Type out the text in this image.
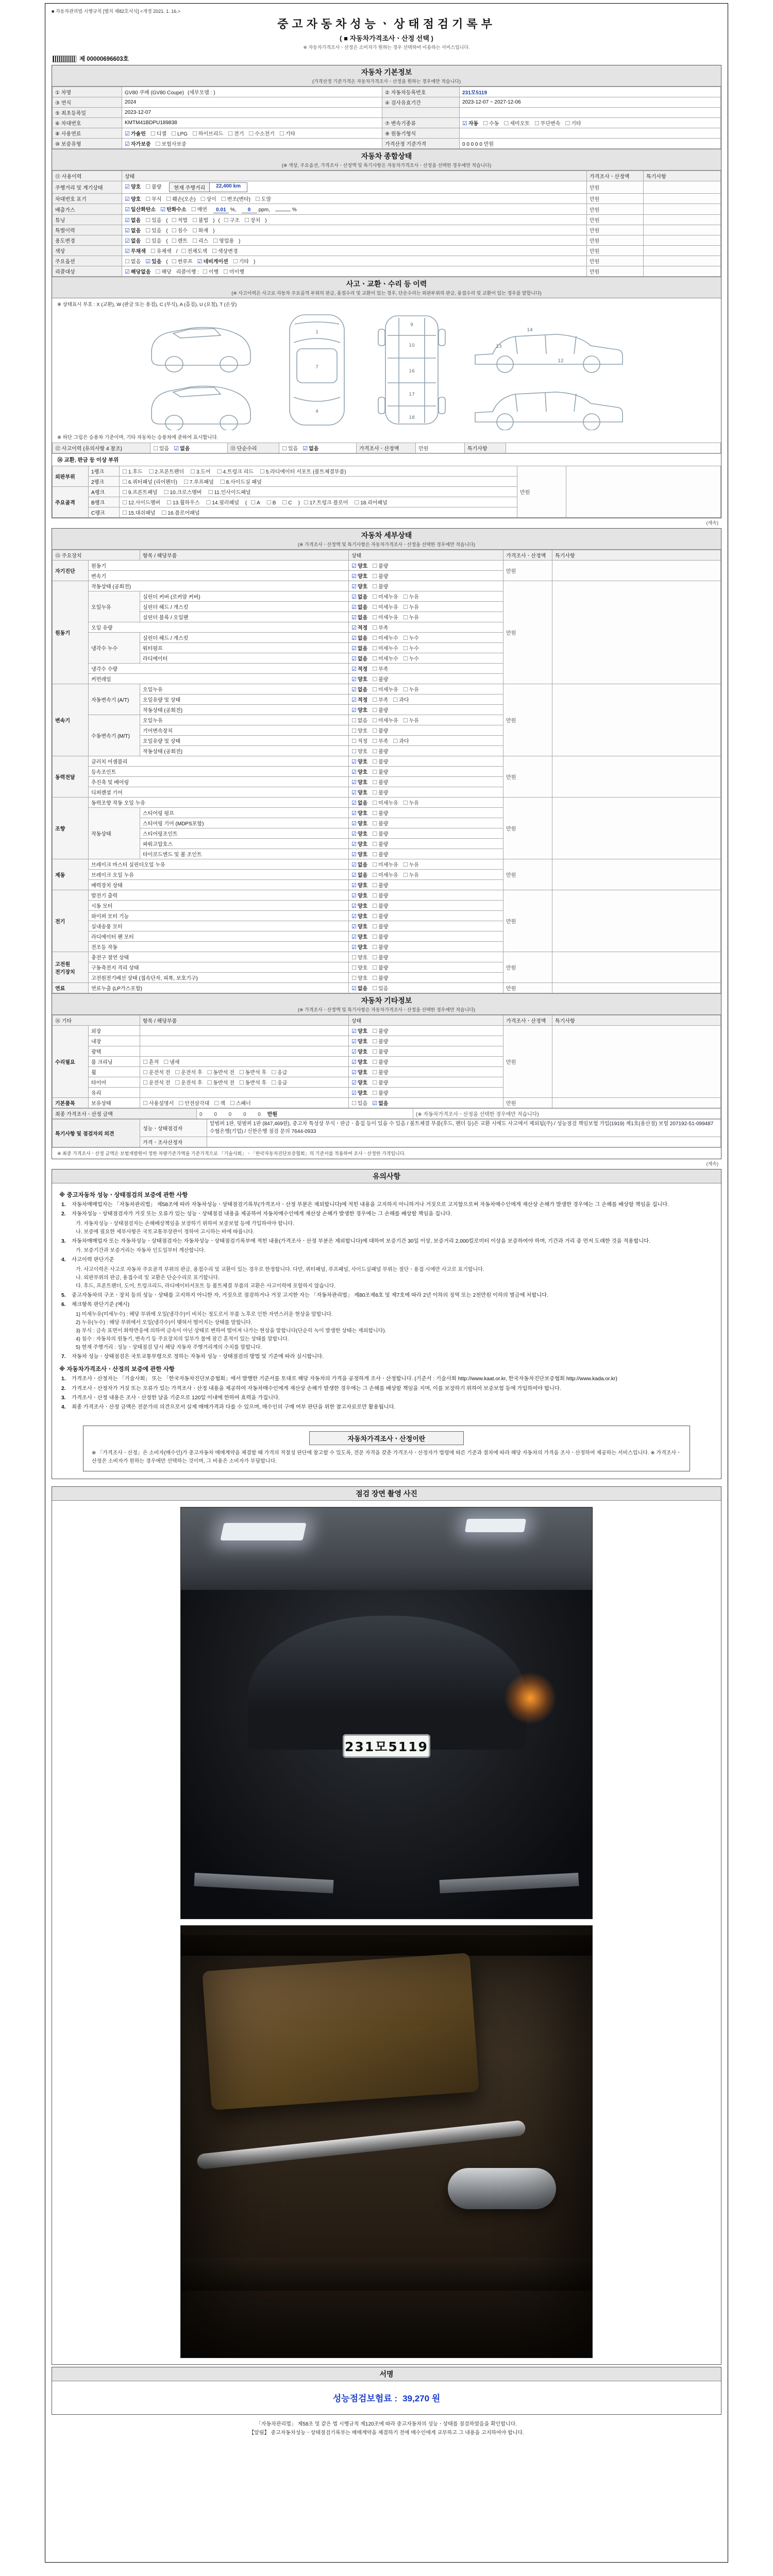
■ 자동차관리법 시행규칙 [별지 제82호서식] <개정 2021. 1. 16.>
중고자동차성능ㆍ상태점검기록부
( ■ 자동차가격조사ㆍ산정 선택 )
※ 자동차가격조사ㆍ산정은 소비자가 원하는 경우 선택하여 이용하는 서비스입니다.
제 00000696603호
자동차 기본정보
(가격산정 기준가격은 자동차가격조사ㆍ산정을 원하는 경우에만 적습니다)
① 차명	GV80 쿠페 (GV80 Coupe) (세부모델 : )	② 자동차등록번호	231모5119
③ 연식	2024	④ 검사유효기간	2023-12-07 ~ 2027-12-06
⑤ 최초등록일	2023-12-07		
⑥ 차대번호	KMTM41BDPU189838	⑦ 변속기종류	☑ 자동 ☐ 수동 ☐ 세미오토 ☐ 무단변속 ☐ 기타
⑧ 사용연료	☑ 가솔린 ☐ 디젤 ☐ LPG ☐ 하이브리드 ☐ 전기 ☐ 수소전기 ☐ 기타	⑨ 원동기형식	
⑩ 보증유형	☑ 자가보증 ☐ 보험사보증	가격산정 기준가격	0 0 0 0 0 만원
자동차 종합상태
(※ 색상, 주요옵션, 가격조사ㆍ산정액 및 특기사항은 자동차가격조사ㆍ산정을 선택한 경우에만 적습니다)
⑪ 사용이력	상태	가격조사ㆍ산정액	특기사항
주행거리 및 계기상태	☑ 양호 ☐ 불량 현재 주행거리 22,400 km	만원	
차대번호 표기	☑ 양호 ☐ 부식 ☐ 훼손(오손) ☐ 상이 ☐ 변조(변타) ☐ 도말	만원	
배출가스	☑ 일산화탄소 ☑ 탄화수소 ☐ 매연 0.01 %, 0 ppm, %	만원	
튜닝	☑ 없음 ☐ 있음 ( ☐ 적법 ☐ 불법 ) ( ☐ 구조 ☐ 장치 )	만원	
특별이력	☑ 없음 ☐ 있음 ( ☐ 침수 ☐ 화재 )	만원	
용도변경	☑ 없음 ☐ 있음 ( ☐ 렌트 ☐ 리스 ☐ 영업용 )	만원	
색상	☑ 무채색 ☐ 유채색 / ☐ 전체도색 ☐ 색상변경	만원	
주요옵션	☐ 없음 ☑ 있음 ( ☐ 썬루프 ☑ 네비게이션 ☐ 기타 )	만원	
리콜대상	☑ 해당없음 ☐ 해당 리콜이행 : ☐ 이행 ☐ 미이행	만원	
사고ㆍ교환ㆍ수리 등 이력
(※ 사고이력은 사고로 자동차 주요골격 부위의 판금, 용접수리 및 교환이 있는 경우, 단순수리는 외판부위의 판금, 용접수리 및 교환이 있는 경우를 말합니다)
※ 상태표시 부호 : X (교환), W (판금 또는 용접), C (부식), A (흠집), U (요철), T (손상)
1
7
4
9
10
16
17
18
14
13
12
※ 하단 그림은 승용차 기준이며, 기타 자동차는 승용차에 준하여 표시합니다.
⑫ 사고이력 (유의사항 4 참조)	☐ 있음 ☑ 없음	⑬ 단순수리	☐ 있음 ☑ 없음	가격조사ㆍ산정액	만원	특기사항	
⑭ 교환, 판금 등 이상 부위
외판부위	1랭크	☐ 1.후드 ☐ 2.프론트펜더 ☐ 3.도어 ☐ 4.트렁크 리드 ☐ 5.라디에이터 서포트 (볼트체결부품)	만원	
	2랭크	☐ 6.쿼터패널 (리어펜더) ☐ 7.루프패널 ☐ 8.사이드실 패널		
주요골격	A랭크	☐ 9.프론트패널 ☐ 10.크로스멤버 ☐ 11.인사이드패널		
	B랭크	☐ 12.사이드멤버 ☐ 13.휠하우스 ☐ 14.필러패널 ( ☐ A ☐ B ☐ C ) ☐ 17.트렁크 플로어 ☐ 18.리어패널		
	C랭크	☐ 15.대쉬패널 ☐ 16.플로어패널		
(계속)
자동차 세부상태
(※ 가격조사ㆍ산정액 및 특기사항은 자동차가격조사ㆍ산정을 선택한 경우에만 적습니다)
⑮ 주요장치		항목 / 해당부품	상태	가격조사ㆍ산정액	특기사항
자기진단	원동기		☑ 양호 ☐ 불량	만원	
	변속기		☑ 양호 ☐ 불량		
원동기	작동상태 (공회전)		☑ 양호 ☐ 불량	만원	
	오일누유	실린더 커버 (로커암 커버)	☑ 없음 ☐ 미세누유 ☐ 누유		
		실린더 헤드 / 개스킷	☑ 없음 ☐ 미세누유 ☐ 누유		
		실린더 블록 / 오일팬	☑ 없음 ☐ 미세누유 ☐ 누유		
	오일 유량		☑ 적정 ☐ 부족		
	냉각수 누수	실린더 헤드 / 개스킷	☑ 없음 ☐ 미세누수 ☐ 누수		
		워터펌프	☑ 없음 ☐ 미세누수 ☐ 누수		
		라디에이터	☑ 없음 ☐ 미세누수 ☐ 누수		
	냉각수 수량		☑ 적정 ☐ 부족		
	커먼레일		☑ 양호 ☐ 불량		
변속기	자동변속기 (A/T)	오일누유	☑ 없음 ☐ 미세누유 ☐ 누유	만원	
		오일유량 및 상태	☑ 적정 ☐ 부족 ☐ 과다		
		작동상태 (공회전)	☑ 양호 ☐ 불량		
	수동변속기 (M/T)	오일누유	☐ 없음 ☐ 미세누유 ☐ 누유		
		기어변속장치	☐ 양호 ☐ 불량		
		오일유량 및 상태	☐ 적정 ☐ 부족 ☐ 과다		
		작동상태 (공회전)	☐ 양호 ☐ 불량		
동력전달	클러치 어셈블리		☑ 양호 ☐ 불량	만원	
	등속조인트		☑ 양호 ☐ 불량		
	추진축 및 베어링		☑ 양호 ☐ 불량		
	디퍼렌셜 기어		☑ 양호 ☐ 불량		
조향	동력조향 작동 오일 누유		☑ 없음 ☐ 미세누유 ☐ 누유	만원	
	작동상태	스티어링 펌프	☑ 양호 ☐ 불량		
		스티어링 기어 (MDPS포함)	☑ 양호 ☐ 불량		
		스티어링조인트	☑ 양호 ☐ 불량		
		파워고압호스	☑ 양호 ☐ 불량		
		타이로드엔드 및 볼 조인트	☑ 양호 ☐ 불량		
제동	브레이크 마스터 실린더오일 누유		☑ 없음 ☐ 미세누유 ☐ 누유	만원	
	브레이크 오일 누유		☑ 없음 ☐ 미세누유 ☐ 누유		
	배력장치 상태		☑ 양호 ☐ 불량		
전기	발전기 출력		☑ 양호 ☐ 불량	만원	
	시동 모터		☑ 양호 ☐ 불량		
	와이퍼 모터 기능		☑ 양호 ☐ 불량		
	실내송풍 모터		☑ 양호 ☐ 불량		
	라디에이터 팬 모터		☑ 양호 ☐ 불량		
	전조등 작동		☑ 양호 ☐ 불량		
고전원 전기장치	충전구 절연 상태		☐ 양호 ☐ 불량	만원	
	구동축전지 격리 상태		☐ 양호 ☐ 불량		
	고전원전기배선 상태 (접속단자, 피복, 보호기구)		☐ 양호 ☐ 불량		
연료	연료누출 (LP가스포함)		☑ 없음 ☐ 있음	만원	
자동차 기타정보
(※ 가격조사ㆍ산정액 및 특기사항은 자동차가격조사ㆍ산정을 선택한 경우에만 적습니다)
⑯ 기타		항목 / 해당부품	상태	가격조사ㆍ산정액	특기사항
수리필요	외장		☑ 양호 ☐ 불량	만원	
	내장		☑ 양호 ☐ 불량		
	광택		☑ 양호 ☐ 불량		
	룸 크리닝	☐ 흔적 ☐ 냄새	☑ 양호 ☐ 불량		
	휠	☐ 운전석 전 ☐ 운전석 후 ☐ 동반석 전 ☐ 동반석 후 ☐ 응급	☑ 양호 ☐ 불량		
	타이어	☐ 운전석 전 ☐ 운전석 후 ☐ 동반석 전 ☐ 동반석 후 ☐ 응급	☑ 양호 ☐ 불량		
	유리		☑ 양호 ☐ 불량		
기본품목	보유상태	☐ 사용설명서 ☐ 안전삼각대 ☐ 잭 ☐ 스패너	☐ 있음 ☑ 없음	만원	
최종 가격조사ㆍ산정 금액	0 0 0 0 0 만원	(※ 자동차가격조사ㆍ산정을 선택한 경우에만 적습니다)
특기사항 및 점검자의 의견	성능ㆍ상태점검자	앞범퍼 1판, 뒷범퍼 1판 (847,469원), 중고차 특성상 부식ㆍ판금ㆍ흠집 등이 있을 수 있음 / 볼트체결 부품(후드, 펜더 등)은 교환 시에도 사고에서 제외됨(주) / 성능점검 책임보험 가입(1919) 제1호(용산점) 보험 207192-51-099487 수협은행(기업) / 신한은행 점검 문의 7644-0933
	가격ㆍ조사산정자	
※ 최종 가격조사ㆍ산정 금액은 보험개발원이 정한 차량기준가액을 기준가격으로 「기술사회」ㆍ「한국자동차진단보증협회」의 기준서를 적용하여 조사ㆍ산정한 가격입니다.
(계속)
유의사항
※ 중고자동차 성능ㆍ상태점검의 보증에 관한 사항
1.	자동차매매업자는 「자동차관리법」 제58조에 따라 자동차성능ㆍ상태점검기록부(가격조사ㆍ산정 부분은 제외합니다)에 적힌 내용을 고지하지 아니하거나 거짓으로 고지함으로써 자동차매수인에게 재산상 손해가 발생한 경우에는 그 손해를 배상할 책임을 집니다.
2.	자동차성능ㆍ상태점검자가 거짓 또는 오류가 있는 성능ㆍ상태점검 내용을 제공하여 자동차매수인에게 재산상 손해가 발생한 경우에는 그 손해를 배상할 책임을 집니다.
가. 자동차성능ㆍ상태점검자는 손해배상책임을 보장하기 위하여 보증보험 등에 가입하여야 합니다.
나. 보증에 필요한 세부사항은 국토교통부장관이 정하여 고시하는 바에 따릅니다.
3.	자동차매매업자 또는 자동차성능ㆍ상태점검자는 자동차성능ㆍ상태점검기록부에 적힌 내용(가격조사ㆍ산정 부분은 제외합니다)에 대하여 보증기간 30일 이상, 보증거리 2,000킬로미터 이상을 보증하여야 하며, 기간과 거리 중 먼저 도래한 것을 적용합니다.
가. 보증기간과 보증거리는 자동차 인도일부터 계산합니다.
4.	사고이력 판단기준
가. 사고이력은 사고로 자동차 주요골격 부위의 판금, 용접수리 및 교환이 있는 경우로 한정합니다. 다만, 쿼터패널, 루프패널, 사이드실패널 부위는 절단ㆍ용접 시에만 사고로 표기합니다.
나. 외판부위의 판금, 용접수리 및 교환은 단순수리로 표기합니다.
다. 후드, 프론트펜더, 도어, 트렁크리드, 라디에이터서포트 등 볼트체결 부품의 교환은 사고이력에 포함하지 않습니다.
5.	중고자동차의 구조ㆍ장치 등의 성능ㆍ상태를 고지하지 아니한 자, 거짓으로 점검하거나 거짓 고지한 자는 「자동차관리법」 제80조제6호 및 제7호에 따라 2년 이하의 징역 또는 2천만원 이하의 벌금에 처합니다.
6.	체크항목 판단기준 (예시)
1) 미세누유(미세누수) : 해당 부위에 오일(냉각수)이 비치는 정도로서 부품 노후로 인한 자연스러운 현상을 말합니다.
2) 누유(누수) : 해당 부위에서 오일(냉각수)이 맺혀서 떨어지는 상태를 말합니다.
3) 부식 : 금속 표면이 화학반응에 의하여 금속이 아닌 상태로 변하여 떨어져 나가는 현상을 말합니다(단순히 녹이 발생한 상태는 제외합니다).
4) 침수 : 자동차의 원동기, 변속기 등 주요장치의 일부가 물에 잠긴 흔적이 있는 상태를 말합니다.
5) 현재 주행거리 : 성능ㆍ상태점검 당시 해당 자동차 주행거리계의 수치를 말합니다.
7.	자동차 성능ㆍ상태점검은 국토교통부령으로 정하는 자동차 성능ㆍ상태점검의 방법 및 기준에 따라 실시합니다.
※ 자동차가격조사ㆍ산정의 보증에 관한 사항
1.	가격조사ㆍ산정자는 「기술사회」 또는 「한국자동차진단보증협회」에서 발행한 기준서를 토대로 해당 자동차의 가격을 공정하게 조사ㆍ산정합니다. (기준서 : 기술사회 http://www.kaat.or.kr, 한국자동차진단보증협회 http://www.kada.or.kr)
2.	가격조사ㆍ산정자가 거짓 또는 오류가 있는 가격조사ㆍ산정 내용을 제공하여 자동차매수인에게 재산상 손해가 발생한 경우에는 그 손해를 배상할 책임을 지며, 이를 보장하기 위하여 보증보험 등에 가입하여야 합니다.
3.	가격조사ㆍ산정 내용은 조사ㆍ산정한 날을 기준으로 120일 이내에 한하여 효력을 가집니다.
4.	최종 가격조사ㆍ산정 금액은 전문가의 의견으로서 실제 매매가격과 다를 수 있으며, 매수인의 구매 여부 판단을 위한 참고자료로만 활용됩니다.
자동차가격조사ㆍ산정이란
※ 「가격조사ㆍ산정」은 소비자(매수인)가 중고자동차 매매계약을 체결할 때 가격의 적절성 판단에 참고할 수 있도록, 전문 자격을 갖춘 가격조사ㆍ산정자가 법령에 따른 기준과 절차에 따라 해당 자동차의 가격을 조사ㆍ산정하여 제공하는 서비스입니다. ※ 가격조사ㆍ산정은 소비자가 원하는 경우에만 선택하는 것이며, 그 비용은 소비자가 부담합니다.
점검 장면 촬영 사진
231모5119
서명
성능점검보험료 : 39,270 원
「자동차관리법」 제58조 및 같은 법 시행규칙 제120조에 따라 중고자동차의 성능ㆍ상태를 점검하였음을 확인합니다.
【알림】 중고자동차성능ㆍ상태점검기록부는 매매계약을 체결하기 전에 매수인에게 교부하고 그 내용을 고지하여야 합니다.
